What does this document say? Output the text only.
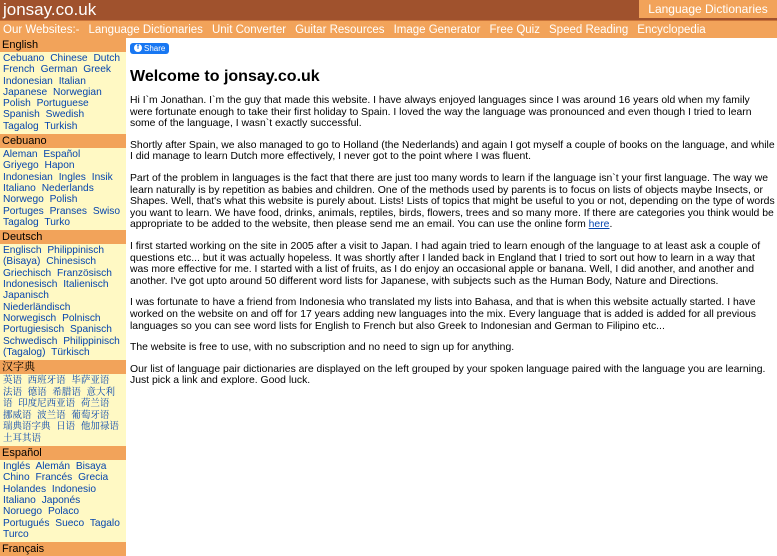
jonsay.co.uk	Language Dictionaries
Our Websites:- Language Dictionaries Unit Converter Guitar Resources Image Generator Free Quiz Speed Reading Encyclopedia
English
Cebuano Chinese Dutch French German Greek Indonesian Italian Japanese Norwegian Polish Portuguese Spanish Swedish Tagalog Turkish
Cebuano
Aleman Español Griyego Hapon Indonesian Ingles Insik Italiano Nederlands Norwego Polish Portuges Pranses Swiso Tagalog Turko
Deutsch
Englisch Philippinisch (Bisaya) Chinesisch Griechisch Französisch Indonesisch Italienisch Japanisch Niederländisch Norwegisch Polnisch Portugiesisch Spanisch Schwedisch Philippinisch (Tagalog) Türkisch
汉字典
英语 西班牙语 毕萨亚语 法语 德语 希腊语 意大利语 印度尼西亚语 荷兰语 挪威语 波兰语 葡萄牙语 瑞典语字典 日语 他加禄语 土耳其语
Español
Inglés Alemán Bisaya Chino Francés Grecia Holandes Indonesio Italiano Japonés Noruego Polaco Portugués Sueco Tagalo Turco
Français
f Share
Welcome to jonsay.co.uk

Hi I`m Jonathan. I`m the guy that made this website. I have always enjoyed languages since I was around 16 years old when my family were fortunate enough to take their first holiday to Spain. I loved the way the language was pronounced and even though I tried to learn some of the language, I wasn`t exactly successful.

Shortly after Spain, we also managed to go to Holland (the Nederlands) and again I got myself a couple of books on the language, and while I did manage to learn Dutch more effectively, I never got to the point where I was fluent.

Part of the problem in languages is the fact that there are just too many words to learn if the language isn`t your first language. The way we learn naturally is by repetition as babies and children. One of the methods used by parents is to focus on lists of objects maybe Insects, or Shapes. Well, that's what this website is purely about. Lists! Lists of topics that might be useful to you or not, depending on the type of words you want to learn. We have food, drinks, animals, reptiles, birds, flowers, trees and so many more. If there are categories you think would be appropriate to be added to the website, then please send me an email. You can use the online form here.

I first started working on the site in 2005 after a visit to Japan. I had again tried to learn enough of the language to at least ask a couple of questions etc... but it was actually hopeless. It was shortly after I landed back in England that I tried to sort out how to learn in a way that was more effective for me. I started with a list of fruits, as I do enjoy an occasional apple or banana. Well, I did another, and another and another. I've got upto around 50 different word lists for Japanese, with subjects such as the Human Body, Nature and Directions.

I was fortunate to have a friend from Indonesia who translated my lists into Bahasa, and that is when this website actually started. I have worked on the website on and off for 17 years adding new languages into the mix. Every language that is added is added for all previous languages so you can see word lists for English to French but also Greek to Indonesian and German to Filipino etc...

The website is free to use, with no subscription and no need to sign up for anything.

Our list of language pair dictionaries are displayed on the left grouped by your spoken language paired with the language you are learning. Just pick a link and explore. Good luck.
